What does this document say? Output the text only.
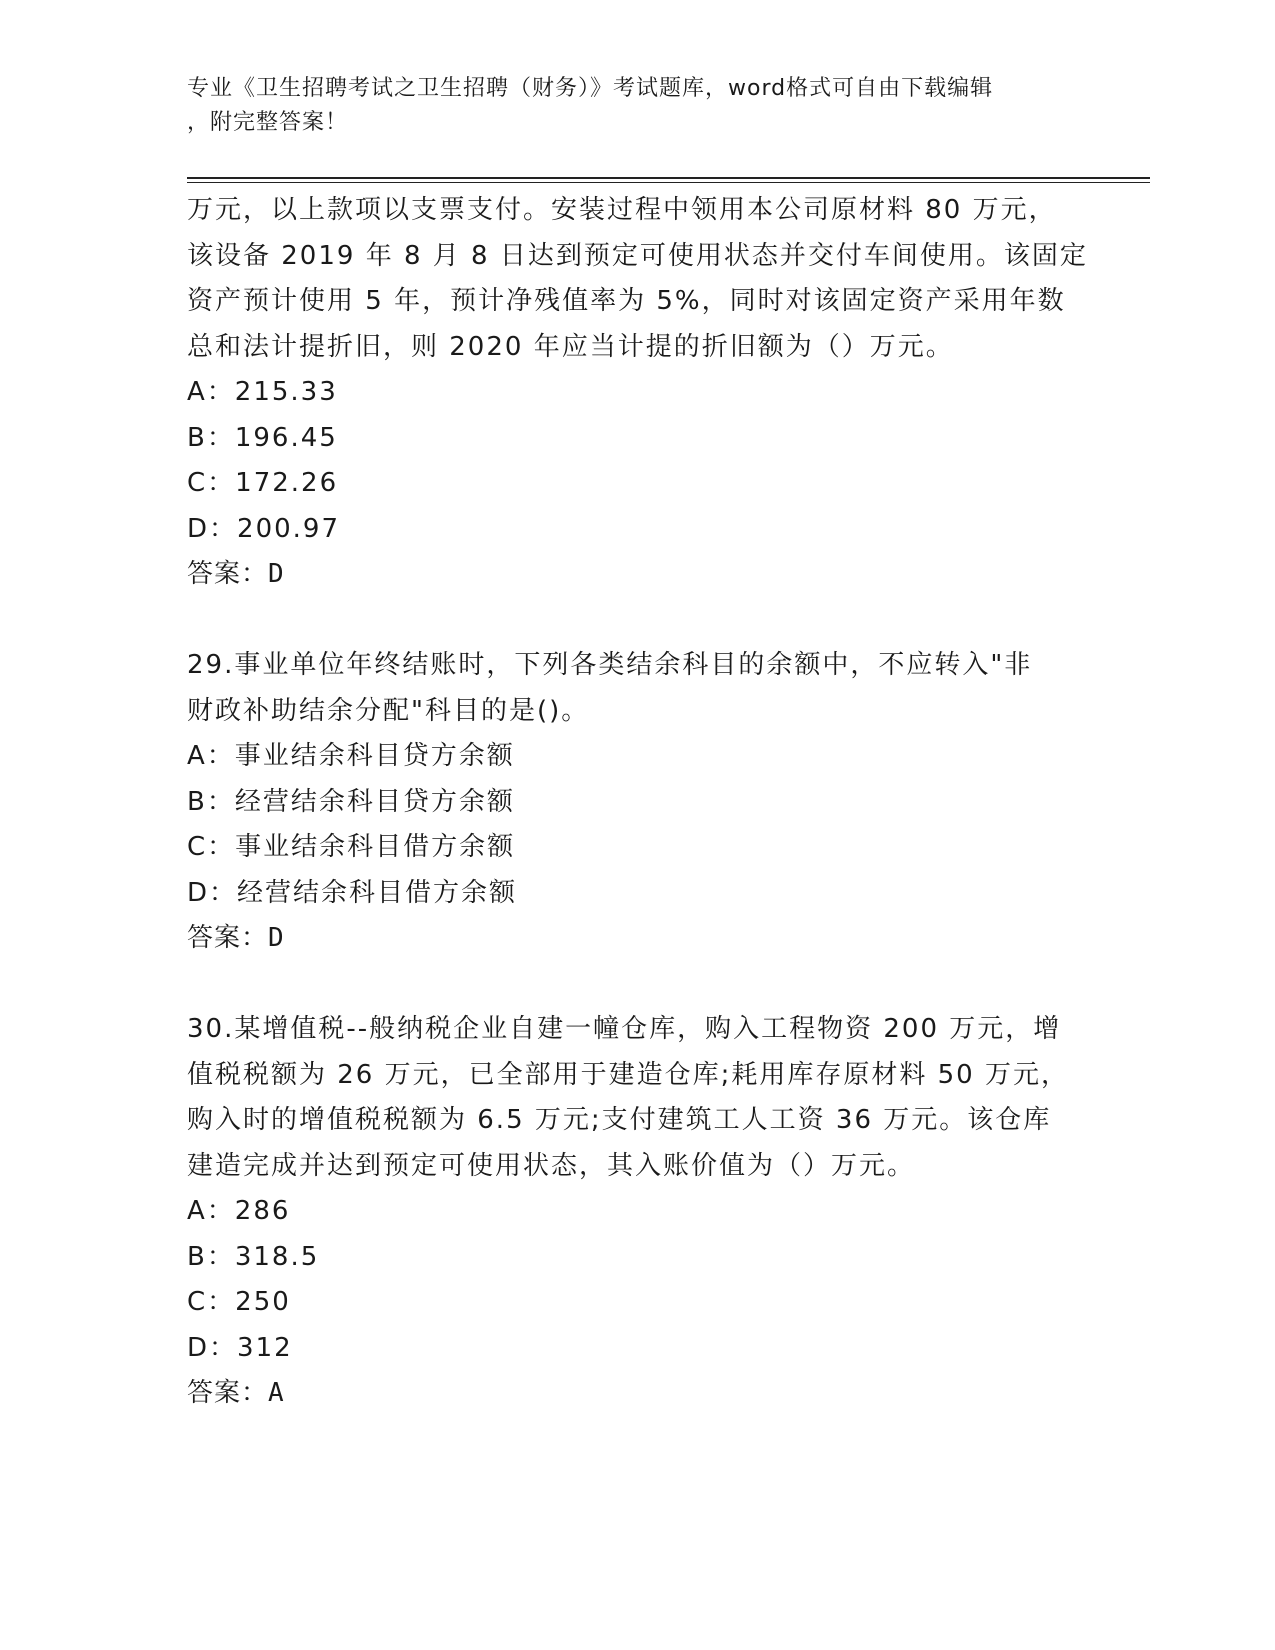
专业《卫生招聘考试之卫生招聘（财务）》考试题库，word格式可自由下载编辑
，附完整答案！
万元，以上款项以支票支付。安装过程中领用本公司原材料 80 万元，
该设备 2019 年 8 月 8 日达到预定可使用状态并交付车间使用。该固定
资产预计使用 5 年，预计净残值率为 5%，同时对该固定资产采用年数
总和法计提折旧，则 2020 年应当计提的折旧额为（）万元。
A：215.33
B：196.45
C：172.26
D：200.97
答案：D
29.事业单位年终结账时，下列各类结余科目的余额中，不应转入"非
财政补助结余分配"科目的是()。
A：事业结余科目贷方余额
B：经营结余科目贷方余额
C：事业结余科目借方余额
D：经营结余科目借方余额
答案：D
30.某增值税--般纳税企业自建一幢仓库，购入工程物资 200 万元，增
值税税额为 26 万元，已全部用于建造仓库;耗用库存原材料 50 万元，
购入时的增值税税额为 6.5 万元;支付建筑工人工资 36 万元。该仓库
建造完成并达到预定可使用状态，其入账价值为（）万元。
A：286
B：318.5
C：250
D：312
答案：A
